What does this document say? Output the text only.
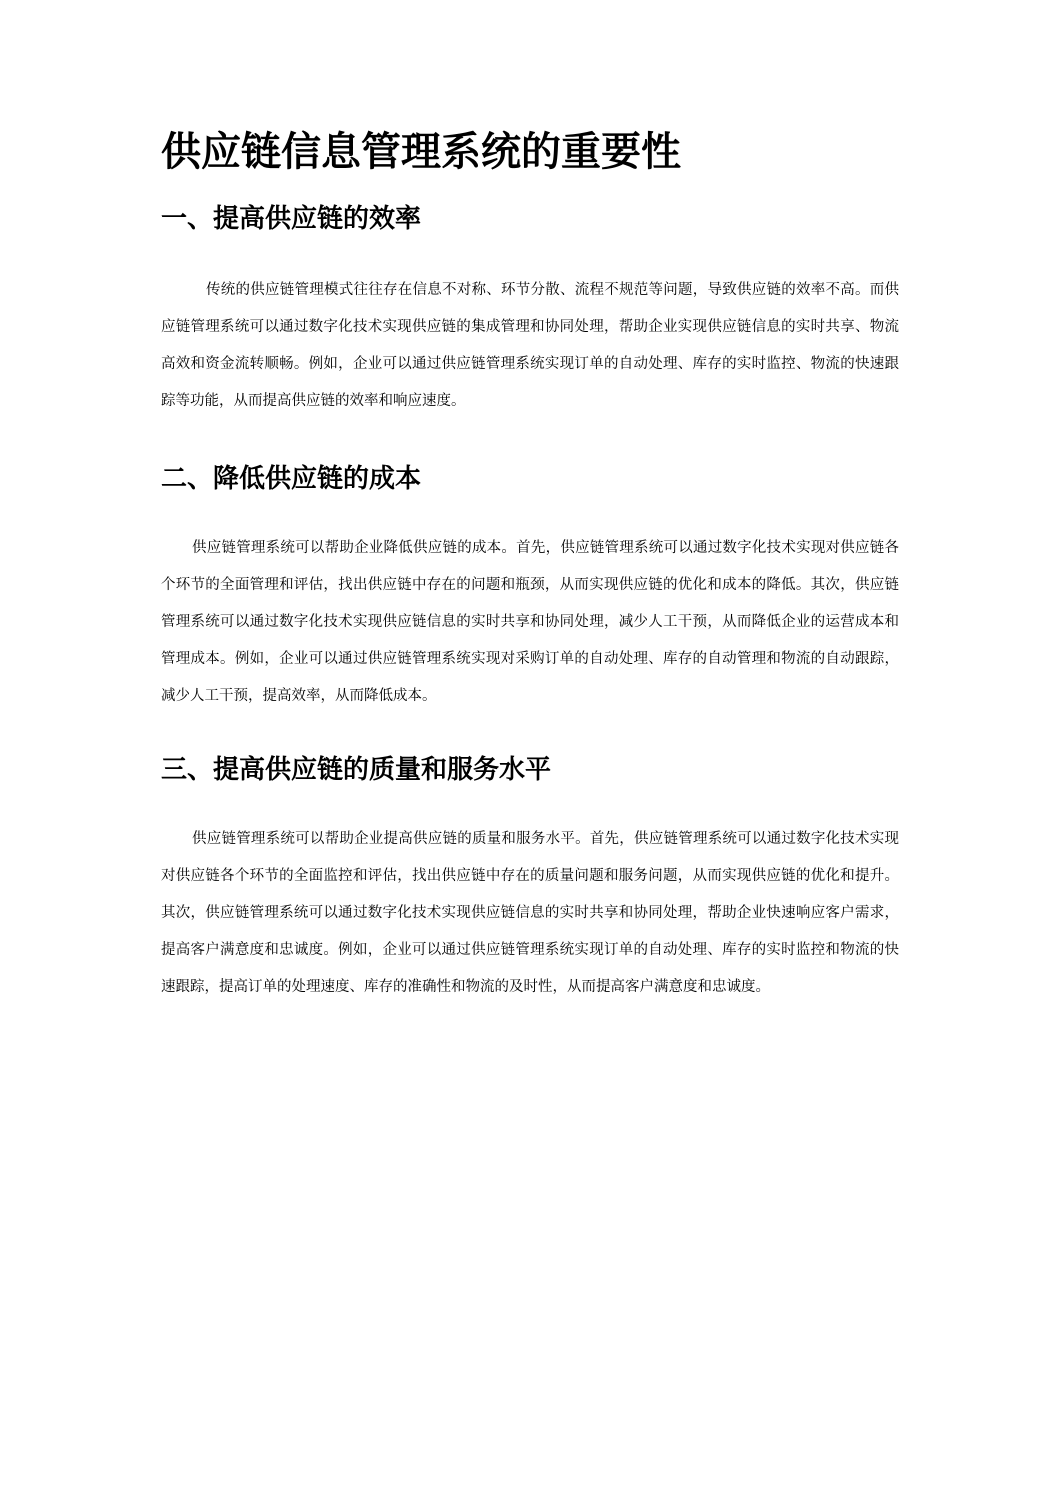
供应链信息管理系统的重要性
一、提高供应链的效率

传统的供应链管理模式往往存在信息不对称、环节分散、流程不规范等问题，导致供应链的效率不高。而供应链管理系统可以通过数字化技术实现供应链的集成管理和协同处理，帮助企业实现供应链信息的实时共享、物流高效和资金流转顺畅。例如，企业可以通过供应链管理系统实现订单的自动处理、库存的实时监控、物流的快速跟踪等功能，从而提高供应链的效率和响应速度。

二、降低供应链的成本

供应链管理系统可以帮助企业降低供应链的成本。首先，供应链管理系统可以通过数字化技术实现对供应链各个环节的全面管理和评估，找出供应链中存在的问题和瓶颈，从而实现供应链的优化和成本的降低。其次，供应链管理系统可以通过数字化技术实现供应链信息的实时共享和协同处理，减少人工干预，从而降低企业的运营成本和管理成本。例如，企业可以通过供应链管理系统实现对采购订单的自动处理、库存的自动管理和物流的自动跟踪，减少人工干预，提高效率，从而降低成本。

三、提高供应链的质量和服务水平

供应链管理系统可以帮助企业提高供应链的质量和服务水平。首先，供应链管理系统可以通过数字化技术实现对供应链各个环节的全面监控和评估，找出供应链中存在的质量问题和服务问题，从而实现供应链的优化和提升。其次，供应链管理系统可以通过数字化技术实现供应链信息的实时共享和协同处理，帮助企业快速响应客户需求，提高客户满意度和忠诚度。例如，企业可以通过供应链管理系统实现订单的自动处理、库存的实时监控和物流的快速跟踪，提高订单的处理速度、库存的准确性和物流的及时性，从而提高客户满意度和忠诚度。
